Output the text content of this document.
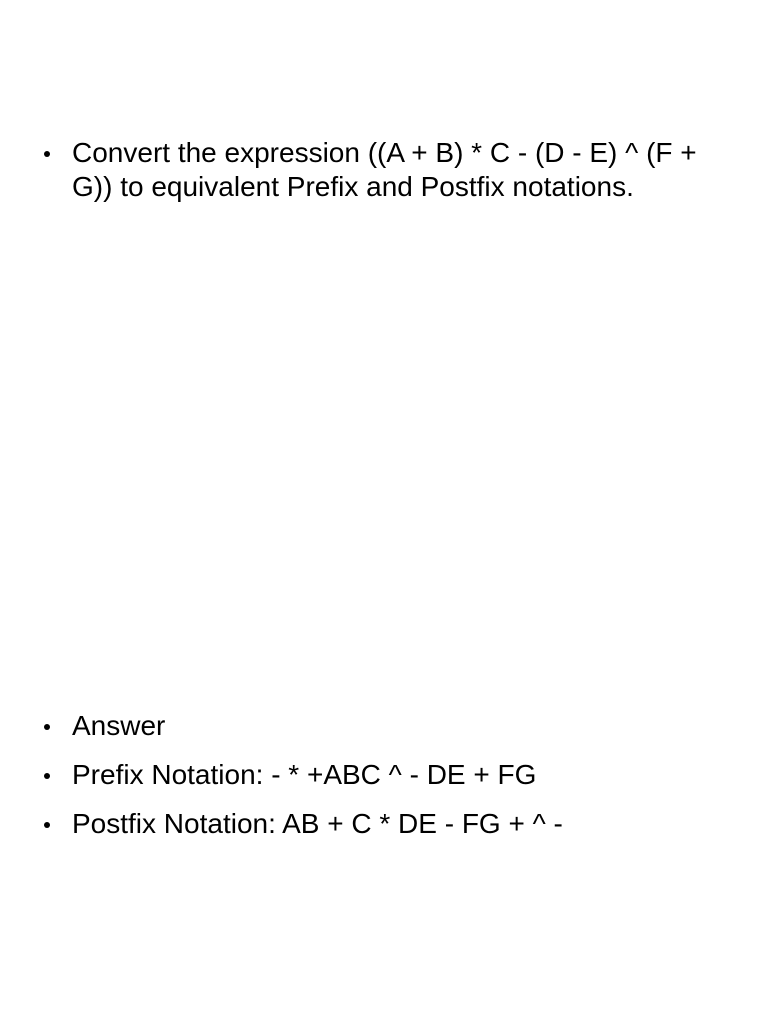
Convert the expression ((A + B) * C - (D - E) ^ (F + G)) to equivalent Prefix and Postfix notations.
Answer
Prefix Notation: - * +ABC ^ - DE + FG
Postfix Notation: AB + C * DE - FG + ^ -
